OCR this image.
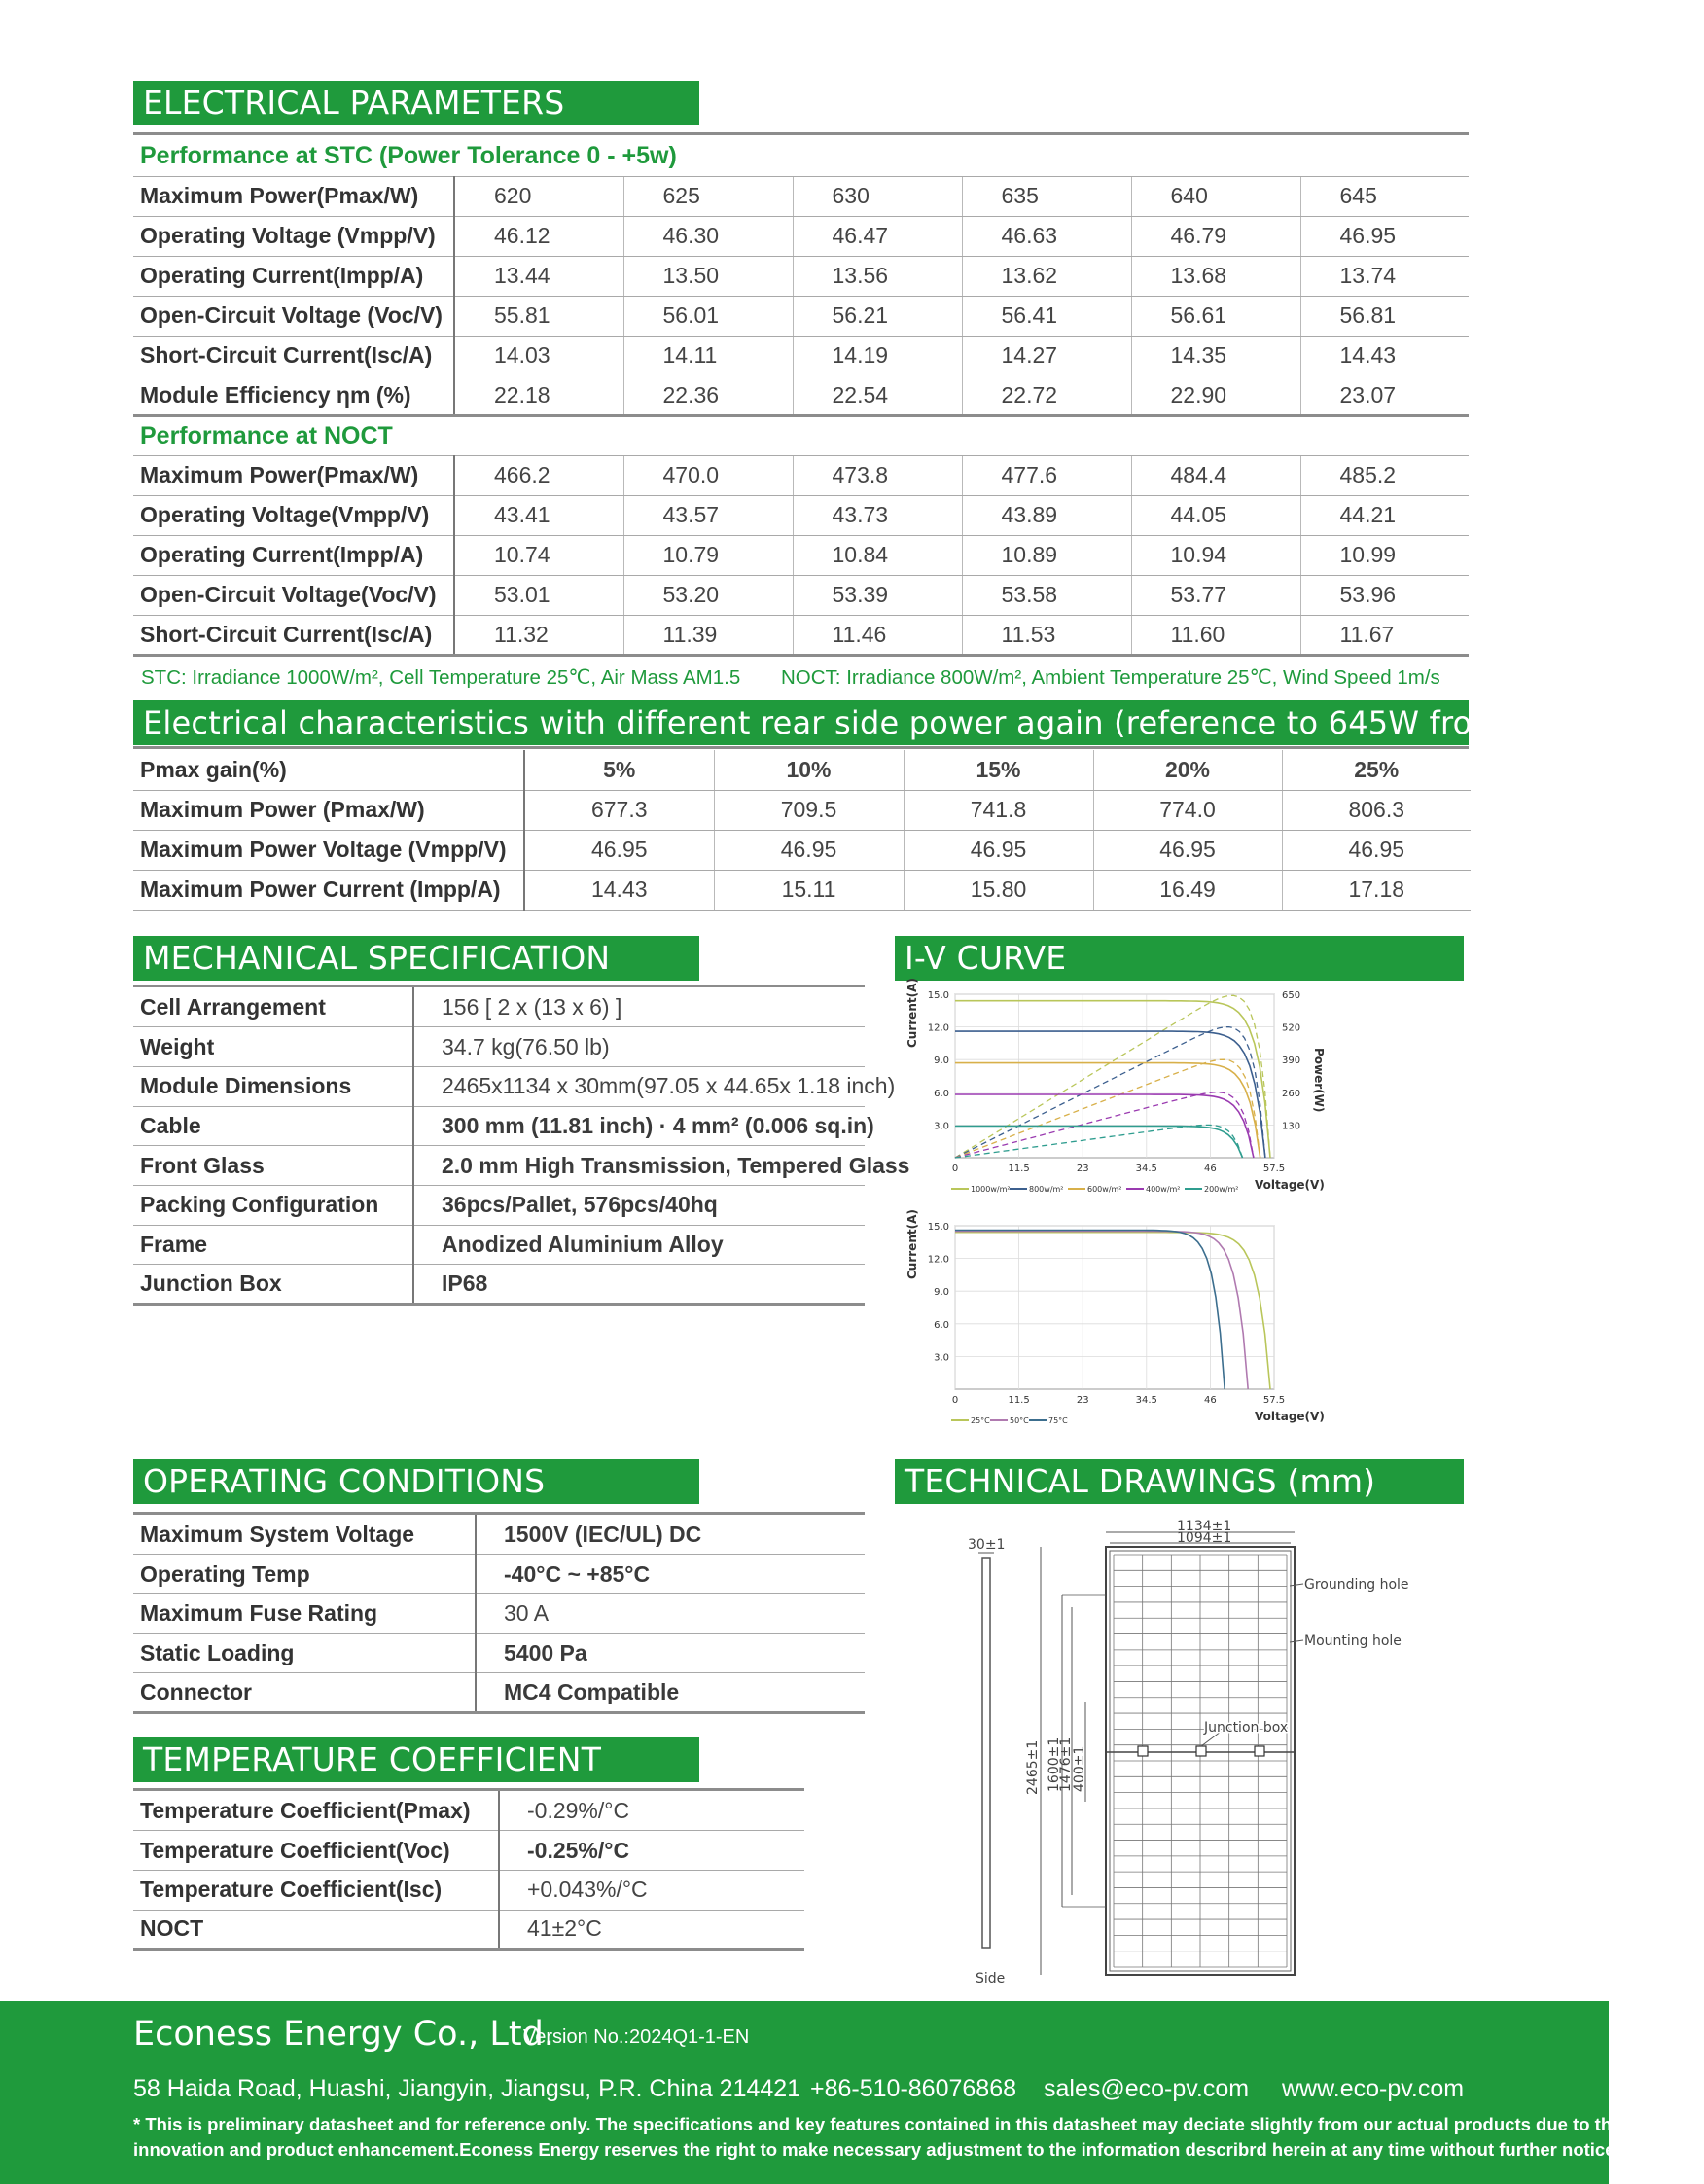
ELECTRICAL PARAMETERS
Performance at STC (Power Tolerance 0 - +5w)						
Maximum Power(Pmax/W)	620	625	630	635	640	645
Operating Voltage (Vmpp/V)	46.12	46.30	46.47	46.63	46.79	46.95
Operating Current(Impp/A)	13.44	13.50	13.56	13.62	13.68	13.74
Open-Circuit Voltage (Voc/V)	55.81	56.01	56.21	56.41	56.61	56.81
Short-Circuit Current(Isc/A)	14.03	14.11	14.19	14.27	14.35	14.43
Module Efficiency ηm (%)	22.18	22.36	22.54	22.72	22.90	23.07
Performance at NOCT						
Maximum Power(Pmax/W)	466.2	470.0	473.8	477.6	484.4	485.2
Operating Voltage(Vmpp/V)	43.41	43.57	43.73	43.89	44.05	44.21
Operating Current(Impp/A)	10.74	10.79	10.84	10.89	10.94	10.99
Open-Circuit Voltage(Voc/V)	53.01	53.20	53.39	53.58	53.77	53.96
Short-Circuit Current(Isc/A)	11.32	11.39	11.46	11.53	11.60	11.67
STC: Irradiance 1000W/m², Cell Temperature 25℃, Air Mass AM1.5 NOCT: Irradiance 800W/m², Ambient Temperature 25℃, Wind Speed 1m/s
Electrical characteristics with different rear side power again (reference to 645W front)
Pmax gain(%)	5%	10%	15%	20%	25%
Maximum Power (Pmax/W)	677.3	709.5	741.8	774.0	806.3
Maximum Power Voltage (Vmpp/V)	46.95	46.95	46.95	46.95	46.95
Maximum Power Current (Impp/A)	14.43	15.11	15.80	16.49	17.18
MECHANICAL SPECIFICATION
Cell Arrangement	156 [ 2 x (13 x 6) ]
Weight	34.7 kg(76.50 lb)
Module Dimensions	2465x1134 x 30mm(97.05 x 44.65x 1.18 inch)
Cable	300 mm (11.81 inch) · 4 mm² (0.006 sq.in)
Front Glass	2.0 mm High Transmission, Tempered Glass
Packing Configuration	36pcs/Pallet, 576pcs/40hq
Frame	Anodized Aluminium Alloy
Junction Box	IP68
I-V CURVE
3.0
6.0
9.0
12.0
15.0
0	11.5	23	34.5	46	57.5
Current(A)
Voltage(V)
130
260
390
520
650
Power(W)
1000w/m² 800w/m²	600w/m²	400w/m²	200w/m²
3.0
6.0
9.0
12.0
15.0
0	11.5	23	34.5	46	57.5
Current(A)
Voltage(V)
25°C	50°C	75°C
OPERATING CONDITIONS
Maximum System Voltage	1500V (IEC/UL) DC
Operating Temp	-40°C ~ +85°C
Maximum Fuse Rating	30 A
Static Loading	5400 Pa
Connector	MC4 Compatible
TEMPERATURE COEFFICIENT
Temperature Coefficient(Pmax)	-0.29%/°C
Temperature Coefficient(Voc)	-0.25%/°C
Temperature Coefficient(Isc)	+0.043%/°C
NOCT	41±2°C
TECHNICAL DRAWINGS (mm)
30±1
Side
1134±1
1094±1
2465±1 1600±1
1476±1
400±1
Grounding hole
Mounting hole
Junction box
Econess Energy Co., Ltd.
Version No.:2024Q1-1-EN
58 Haida Road, Huashi, Jiangyin, Jiangsu, P.R. China 214421 +86-510-86076868 sales@eco-pv.com www.eco-pv.com
* This is preliminary datasheet and for reference only. The specifications and key features contained in this datasheet may deciate slightly from our actual products due to the on-going
innovation and product enhancement.Econess Energy reserves the right to make necessary adjustment to the information describrd herein at any time without further notice.
